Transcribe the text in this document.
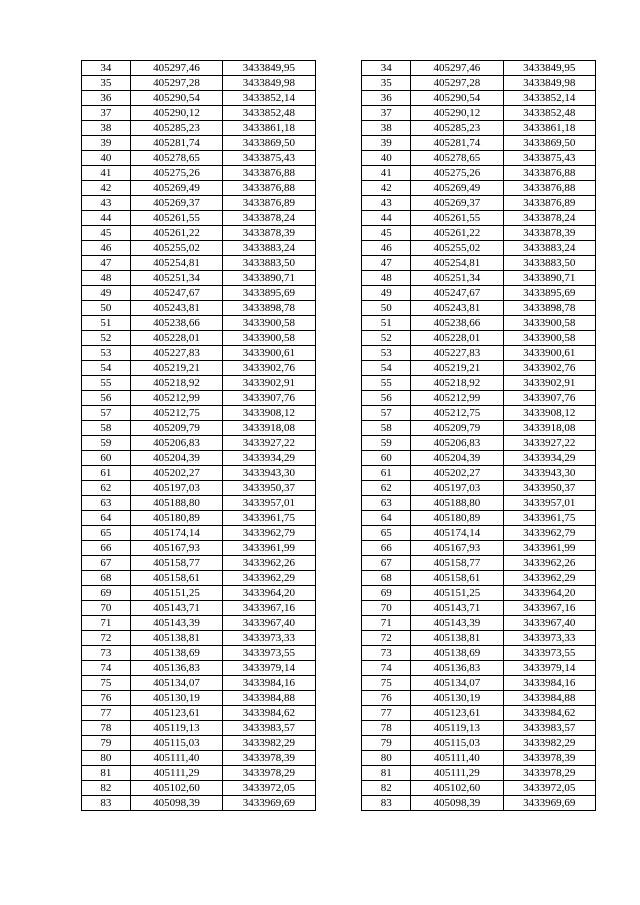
34	405297,46	3433849,95		34	405297,46	3433849,95
35	405297,28	3433849,98		35	405297,28	3433849,98
36	405290,54	3433852,14		36	405290,54	3433852,14
37	405290,12	3433852,48		37	405290,12	3433852,48
38	405285,23	3433861,18		38	405285,23	3433861,18
39	405281,74	3433869,50		39	405281,74	3433869,50
40	405278,65	3433875,43		40	405278,65	3433875,43
41	405275,26	3433876,88		41	405275,26	3433876,88
42	405269,49	3433876,88		42	405269,49	3433876,88
43	405269,37	3433876,89		43	405269,37	3433876,89
44	405261,55	3433878,24		44	405261,55	3433878,24
45	405261,22	3433878,39		45	405261,22	3433878,39
46	405255,02	3433883,24		46	405255,02	3433883,24
47	405254,81	3433883,50		47	405254,81	3433883,50
48	405251,34	3433890,71		48	405251,34	3433890,71
49	405247,67	3433895,69		49	405247,67	3433895,69
50	405243,81	3433898,78		50	405243,81	3433898,78
51	405238,66	3433900,58		51	405238,66	3433900,58
52	405228,01	3433900,58		52	405228,01	3433900,58
53	405227,83	3433900,61		53	405227,83	3433900,61
54	405219,21	3433902,76		54	405219,21	3433902,76
55	405218,92	3433902,91		55	405218,92	3433902,91
56	405212,99	3433907,76		56	405212,99	3433907,76
57	405212,75	3433908,12		57	405212,75	3433908,12
58	405209,79	3433918,08		58	405209,79	3433918,08
59	405206,83	3433927,22		59	405206,83	3433927,22
60	405204,39	3433934,29		60	405204,39	3433934,29
61	405202,27	3433943,30		61	405202,27	3433943,30
62	405197,03	3433950,37		62	405197,03	3433950,37
63	405188,80	3433957,01		63	405188,80	3433957,01
64	405180,89	3433961,75		64	405180,89	3433961,75
65	405174,14	3433962,79		65	405174,14	3433962,79
66	405167,93	3433961,99		66	405167,93	3433961,99
67	405158,77	3433962,26		67	405158,77	3433962,26
68	405158,61	3433962,29		68	405158,61	3433962,29
69	405151,25	3433964,20		69	405151,25	3433964,20
70	405143,71	3433967,16		70	405143,71	3433967,16
71	405143,39	3433967,40		71	405143,39	3433967,40
72	405138,81	3433973,33		72	405138,81	3433973,33
73	405138,69	3433973,55		73	405138,69	3433973,55
74	405136,83	3433979,14		74	405136,83	3433979,14
75	405134,07	3433984,16		75	405134,07	3433984,16
76	405130,19	3433984,88		76	405130,19	3433984,88
77	405123,61	3433984,62		77	405123,61	3433984,62
78	405119,13	3433983,57		78	405119,13	3433983,57
79	405115,03	3433982,29		79	405115,03	3433982,29
80	405111,40	3433978,39		80	405111,40	3433978,39
81	405111,29	3433978,29		81	405111,29	3433978,29
82	405102,60	3433972,05		82	405102,60	3433972,05
83	405098,39	3433969,69		83	405098,39	3433969,69
